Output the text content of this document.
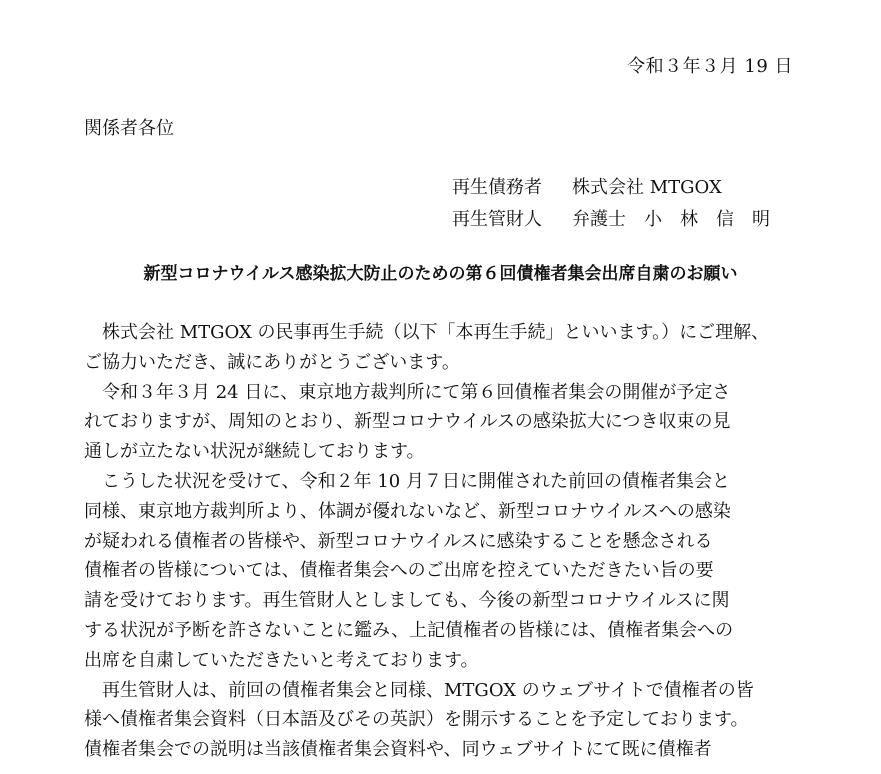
令和３年３月 19 日
関係者各位
再生債務者 株式会社 MTGOX
再生管財人 弁護士　小　林　信　明
新型コロナウイルス感染拡大防止のための第６回債権者集会出席自粛のお願い
　株式会社 MTGOX の民事再生手続（以下「本再生手続」といいます。）にご理解、
ご協力いただき、誠にありがとうございます。
　令和３年３月 24 日に、東京地方裁判所にて第６回債権者集会の開催が予定さ
れておりますが、周知のとおり、新型コロナウイルスの感染拡大につき収束の見
通しが立たない状況が継続しております。
　こうした状況を受けて、令和２年 10 月７日に開催された前回の債権者集会と
同様、東京地方裁判所より、体調が優れないなど、新型コロナウイルスへの感染
が疑われる債権者の皆様や、新型コロナウイルスに感染することを懸念される
債権者の皆様については、債権者集会へのご出席を控えていただきたい旨の要
請を受けております。再生管財人としましても、今後の新型コロナウイルスに関
する状況が予断を許さないことに鑑み、上記債権者の皆様には、債権者集会への
出席を自粛していただきたいと考えております。
　再生管財人は、前回の債権者集会と同様、MTGOX のウェブサイトで債権者の皆
様へ債権者集会資料（日本語及びその英訳）を開示することを予定しております。
債権者集会での説明は当該債権者集会資料や、同ウェブサイトにて既に債権者
